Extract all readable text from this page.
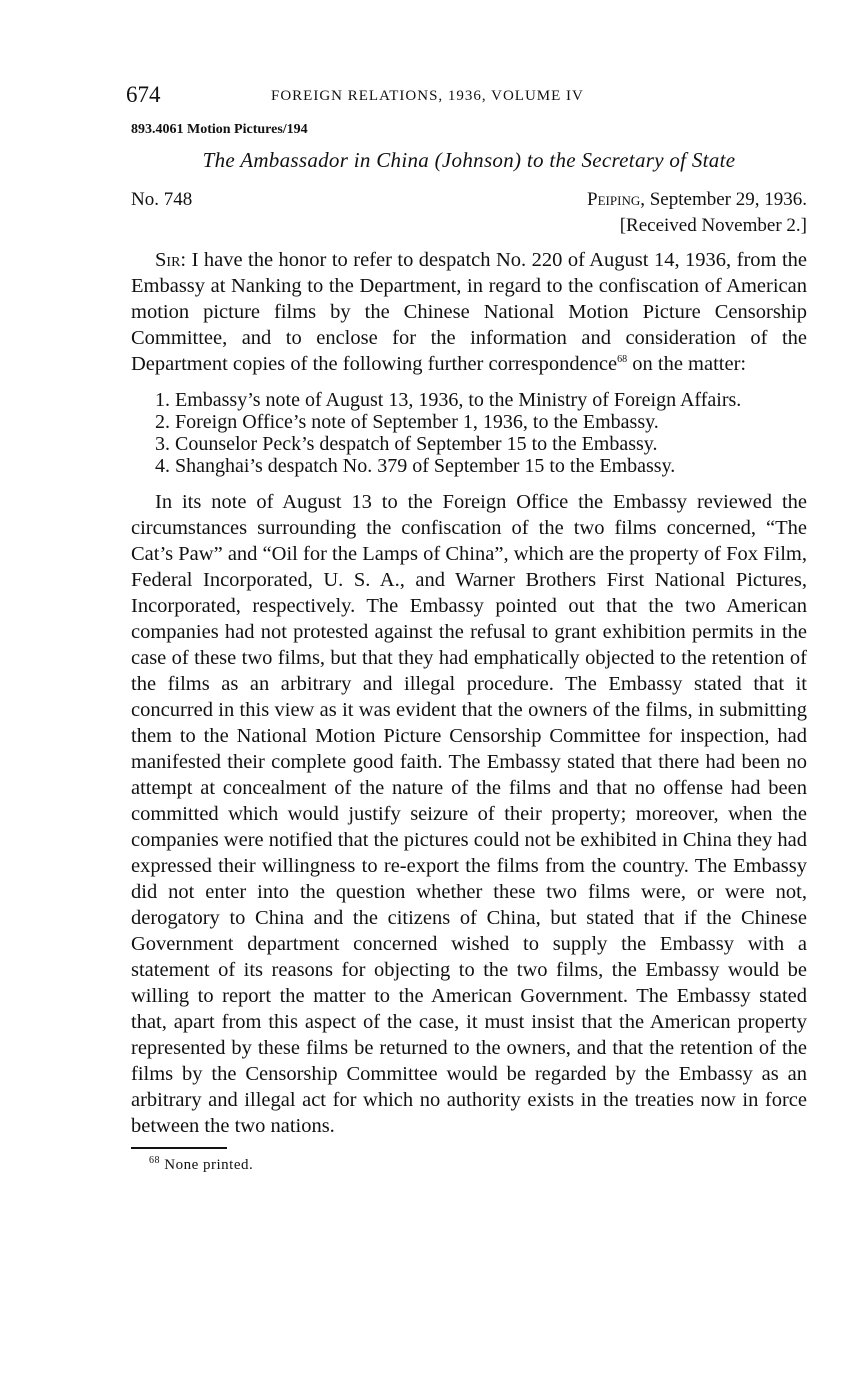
674	FOREIGN RELATIONS, 1936, VOLUME IV
893.4061 Motion Pictures/194
The Ambassador in China (Johnson) to the Secretary of State
No. 748	Peiping, September 29, 1936.
[Received November 2.]

Sir: I have the honor to refer to despatch No. 220 of August 14, 1936, from the Embassy at Nanking to the Department, in regard to the confiscation of American motion picture films by the Chinese National Motion Picture Censorship Committee, and to enclose for the information and consideration of the Department copies of the following further correspondence$^{68}$ on the matter:

1. Embassy’s note of August 13, 1936, to the Ministry of Foreign Affairs.
2. Foreign Office’s note of September 1, 1936, to the Embassy.
3. Counselor Peck’s despatch of September 15 to the Embassy.
4. Shanghai’s despatch No. 379 of September 15 to the Embassy.

In its note of August 13 to the Foreign Office the Embassy reviewed the circumstances surrounding the confiscation of the two films concerned, “The Cat’s Paw” and “Oil for the Lamps of China”, which are the property of Fox Film, Federal Incorporated, U. S. A., and Warner Brothers First National Pictures, Incorporated, respectively. The Embassy pointed out that the two American companies had not protested against the refusal to grant exhibition permits in the case of these two films, but that they had emphatically objected to the retention of the films as an arbitrary and illegal procedure. The Embassy stated that it concurred in this view as it was evident that the owners of the films, in submitting them to the National Motion Picture Censorship Committee for inspection, had manifested their complete good faith. The Embassy stated that there had been no attempt at concealment of the nature of the films and that no offense had been committed which would justify seizure of their property; moreover, when the companies were notified that the pictures could not be exhibited in China they had expressed their willingness to re-export the films from the country. The Embassy did not enter into the question whether these two films were, or were not, derogatory to China and the citizens of China, but stated that if the Chinese Government department concerned wished to supply the Embassy with a statement of its reasons for objecting to the two films, the Embassy would be willing to report the matter to the American Government. The Embassy stated that, apart from this aspect of the case, it must insist that the American property represented by these films be returned to the owners, and that the retention of the films by the Censorship Committee would be regarded by the Embassy as an arbitrary and illegal act for which no authority exists in the treaties now in force between the two nations.

$^{68}$ None printed.
